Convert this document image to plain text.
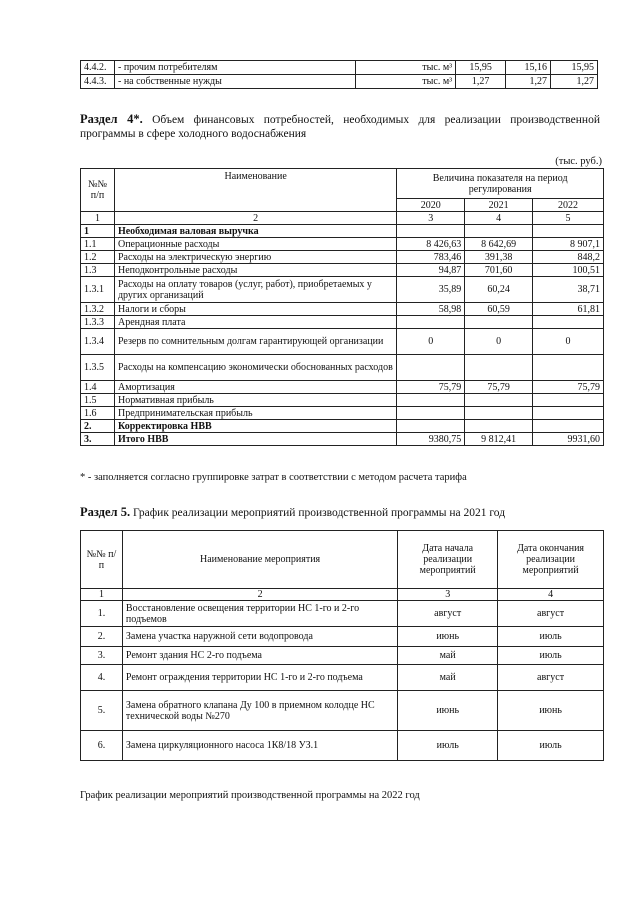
4.4.2.	- прочим потребителям	тыс. м³	15,95	15,16	15,95
4.4.3.	- на собственные нужды	тыс. м³	1,27	1,27	1,27
Раздел 4*. Объем финансовых потребностей, необходимых для реализации производственной программы в сфере холодного водоснабжения
(тыс. руб.)
№№ п/п	Наименование	Величина показателя на период регулирования		
		2020	2021	2022
1	2	3	4	5
1	Необходимая валовая выручка			
1.1	Операционные расходы	8 426,63	8 642,69	8 907,1
1.2	Расходы на электрическую энергию	783,46	391,38	848,2
1.3	Неподконтрольные расходы	94,87	701,60	100,51
1.3.1	Расходы на оплату товаров (услуг, работ), приобретаемых у других организаций	35,89	60,24	38,71
1.3.2	Налоги и сборы	58,98	60,59	61,81
1.3.3	Арендная плата			
1.3.4	Резерв по сомнительным долгам гарантирующей организации	0	0	0
1.3.5	Расходы на компенсацию экономически обоснованных расходов			
1.4	Амортизация	75,79	75,79	75,79
1.5	Нормативная прибыль			
1.6	Предпринимательская прибыль			
2.	Корректировка НВВ			
3.	Итого НВВ	9380,75	9 812,41	9931,60
* - заполняется согласно группировке затрат в соответствии с методом расчета тарифа
Раздел 5. График реализации мероприятий производственной программы на 2021 год
№№ п/п	Наименование мероприятия	Дата начала реализации мероприятий	Дата окончания реализации мероприятий
1	2	3	4
1.	Восстановление освещения территории НС 1-го и 2-го подъемов	август	август
2.	Замена участка наружной сети водопровода	июнь	июль
3.	Ремонт здания НС 2-го подъема	май	июль
4.	Ремонт ограждения территории НС 1-го и 2-го подъема	май	август
5.	Замена обратного клапана Ду 100 в приемном колодце НС технической воды №270	июнь	июнь
6.	Замена циркуляционного насоса 1К8/18 УЗ.1	июль	июль
График реализации мероприятий производственной программы на 2022 год
